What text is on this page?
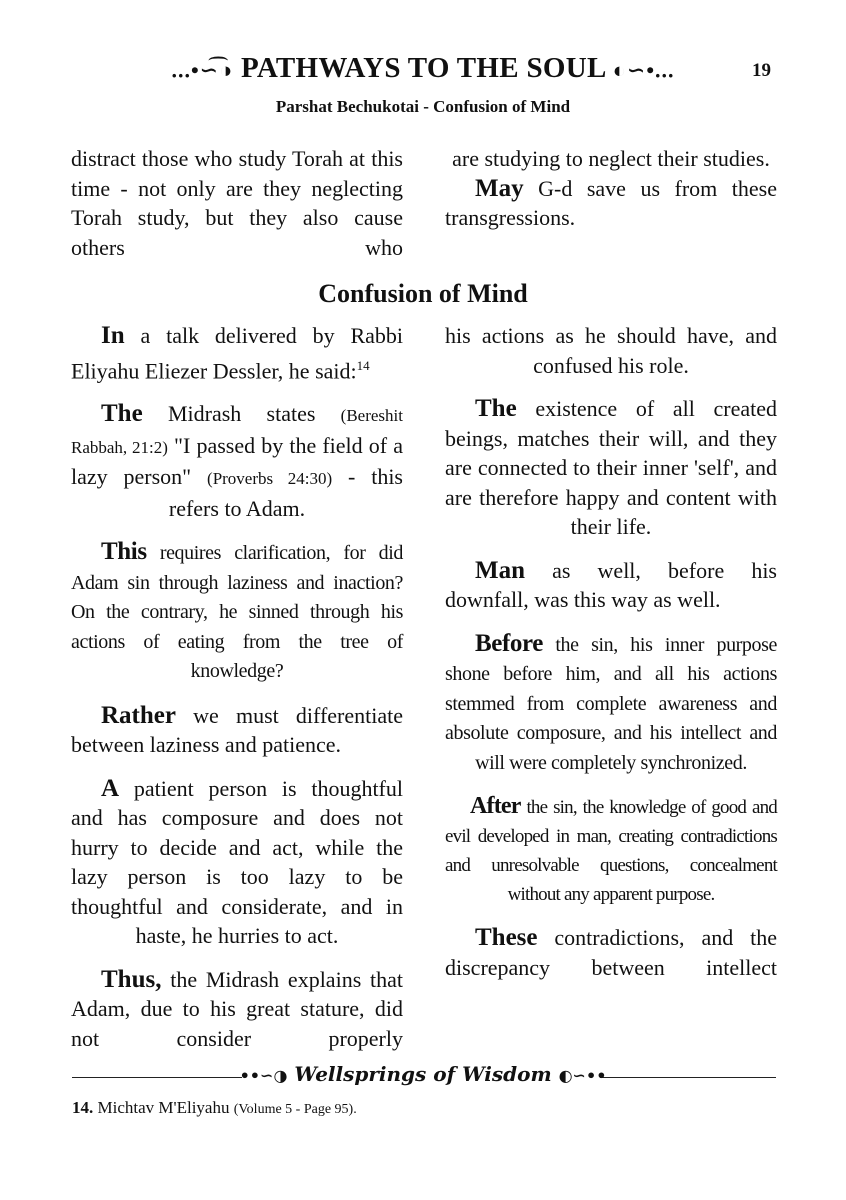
...•∽͡◑ PATHWAYS TO THE SOUL ◐∽•...	19
Parshat Bechukotai - Confusion of Mind

distract those who study Torah at this time - not only are they neglecting Torah study, but they also cause others who

are studying to neglect their studies.

May G-d save us from these transgressions.

Confusion of Mind

In a talk delivered by Rabbi Eliyahu Eliezer Dessler, he said:$^{14}$

The Midrash states (Bereshit Rabbah, 21:2) "I passed by the field of a lazy person" (Proverbs 24:30) - this refers to Adam.

This requires clarification, for did Adam sin through laziness and inaction? On the contrary, he sinned through his actions of eating from the tree of knowledge?

Rather we must differentiate between laziness and patience.

A patient person is thoughtful and has composure and does not hurry to decide and act, while the lazy person is too lazy to be thoughtful and considerate, and in haste, he hurries to act.

Thus, the Midrash explains that Adam, due to his great stature, did not consider properly

his actions as he should have, and confused his role.

The existence of all created beings, matches their will, and they are connected to their inner 'self', and are therefore happy and content with their life.

Man as well, before his downfall, was this way as well.

Before the sin, his inner purpose shone before him, and all his actions stemmed from complete awareness and absolute composure, and his intellect and will were completely synchronized.

After the sin, the knowledge of good and evil developed in man, creating contradictions and unresolvable questions, concealment without any apparent purpose.

These contradictions, and the discrepancy between intellect

••∽◑ Wellsprings of Wisdom ◐∽••
14. Michtav M'Eliyahu (Volume 5 - Page 95).
